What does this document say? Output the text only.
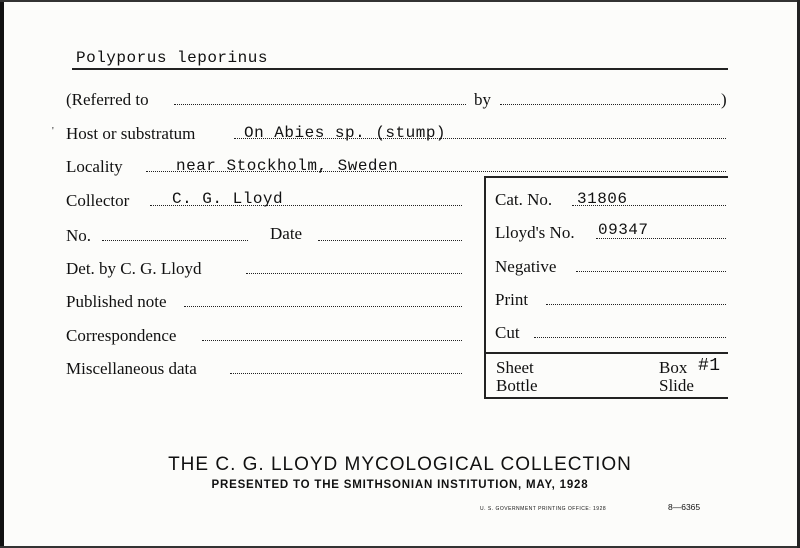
'
Polyporus leporinus
(Referred to	by	)
Host or substratum	On Abies sp. (stump)
Locality	near Stockholm, Sweden
Collector	C. G. Lloyd
No.	Date
Det. by C. G. Lloyd
Published note
Correspondence
Miscellaneous data
Cat. No. 31806
Lloyd's No. 09347
Negative
Print
Cut
Sheet
Bottle
Box #1
Slide
THE C. G. LLOYD MYCOLOGICAL COLLECTION
PRESENTED TO THE SMITHSONIAN INSTITUTION, MAY, 1928
U. S. GOVERNMENT PRINTING OFFICE: 1928	8—6365
